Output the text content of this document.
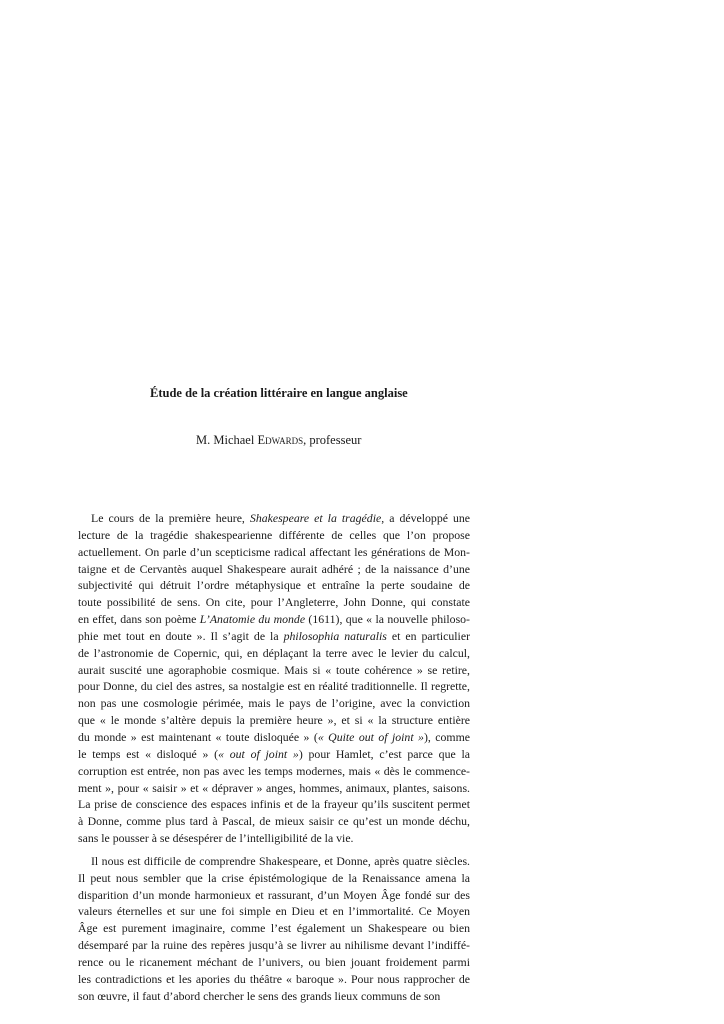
Étude de la création littéraire en langue anglaise

M. Michael Edwards, professeur

Le cours de la première heure, Shakespeare et la tragédie, a développé une
lecture de la tragédie shakespearienne différente de celles que l’on propose
actuellement. On parle d’un scepticisme radical affectant les générations de Mon-
taigne et de Cervantès auquel Shakespeare aurait adhéré ; de la naissance d’une
subjectivité qui détruit l’ordre métaphysique et entraîne la perte soudaine de
toute possibilité de sens. On cite, pour l’Angleterre, John Donne, qui constate
en effet, dans son poème L’Anatomie du monde (1611), que « la nouvelle philoso-
phie met tout en doute ». Il s’agit de la philosophia naturalis et en particulier
de l’astronomie de Copernic, qui, en déplaçant la terre avec le levier du calcul,
aurait suscité une agoraphobie cosmique. Mais si « toute cohérence » se retire,
pour Donne, du ciel des astres, sa nostalgie est en réalité traditionnelle. Il regrette,
non pas une cosmologie périmée, mais le pays de l’origine, avec la conviction
que « le monde s’altère depuis la première heure », et si « la structure entière
du monde » est maintenant « toute disloquée » (« Quite out of joint »), comme
le temps est « disloqué » (« out of joint ») pour Hamlet, c’est parce que la
corruption est entrée, non pas avec les temps modernes, mais « dès le commence-
ment », pour « saisir » et « dépraver » anges, hommes, animaux, plantes, saisons.
La prise de conscience des espaces infinis et de la frayeur qu’ils suscitent permet
à Donne, comme plus tard à Pascal, de mieux saisir ce qu’est un monde déchu,
sans le pousser à se désespérer de l’intelligibilité de la vie.

Il nous est difficile de comprendre Shakespeare, et Donne, après quatre siècles.
Il peut nous sembler que la crise épistémologique de la Renaissance amena la
disparition d’un monde harmonieux et rassurant, d’un Moyen Âge fondé sur des
valeurs éternelles et sur une foi simple en Dieu et en l’immortalité. Ce Moyen
Âge est purement imaginaire, comme l’est également un Shakespeare ou bien
désemparé par la ruine des repères jusqu’à se livrer au nihilisme devant l’indiffé-
rence ou le ricanement méchant de l’univers, ou bien jouant froidement parmi
les contradictions et les apories du théâtre « baroque ». Pour nous rapprocher de
son œuvre, il faut d’abord chercher le sens des grands lieux communs de son
